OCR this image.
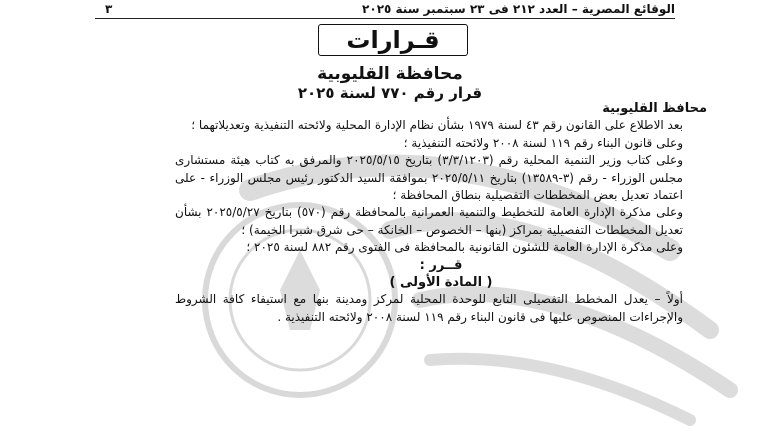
الوقائع المصرية – العدد ٢١٢ فى ٢٣ سبتمبر سنة ٢٠٢٥
٣
قـرارات
محافظة القليوبية
قرار رقم ٧٧٠ لسنة ٢٠٢٥

محافظ القليوبية

بعد الاطلاع على القانون رقم ٤٣ لسنة ١٩٧٩ بشأن نظام الإدارة المحلية ولائحته التنفيذية وتعديلاتهما ؛

وعلى قانون البناء رقم ١١٩ لسنة ٢٠٠٨ ولائحته التنفيذية ؛

وعلى كتاب وزير التنمية المحلية رقم (٣/٣/١٢٠٣) بتاريخ ٢٠٢٥/٥/١٥ والمرفق به كتاب هيئة مستشارى مجلس الوزراء - رقم (٣-١٣٥٨٩) بتاريخ ٢٠٢٥/٥/١١ بموافقة السيد الدكتور رئيس مجلس الوزراء - على اعتماد تعديل بعض المخططات التفصيلية بنطاق المحافظة ؛

وعلى مذكرة الإدارة العامة للتخطيط والتنمية العمرانية بالمحافظة رقم (٥٧٠) بتاريخ ٢٠٢٥/٥/٢٧ بشأن تعديل المخططات التفصيلية بمراكز (بنها – الخصوص – الخانكة – حى شرق شبرا الخيمة) ؛

وعلى مذكرة الإدارة العامة للشئون القانونية بالمحافظة فى الفتوى رقم ٨٨٢ لسنة ٢٠٢٥ ؛

قــرر :

( المادة الأولى )

أولاً – يعدل المخطط التفصيلى التابع للوحدة المحلية لمركز ومدينة بنها مع استيفاء كافة الشروط والإجراءات المنصوص عليها فى قانون البناء رقم ١١٩ لسنة ٢٠٠٨ ولائحته التنفيذية .
